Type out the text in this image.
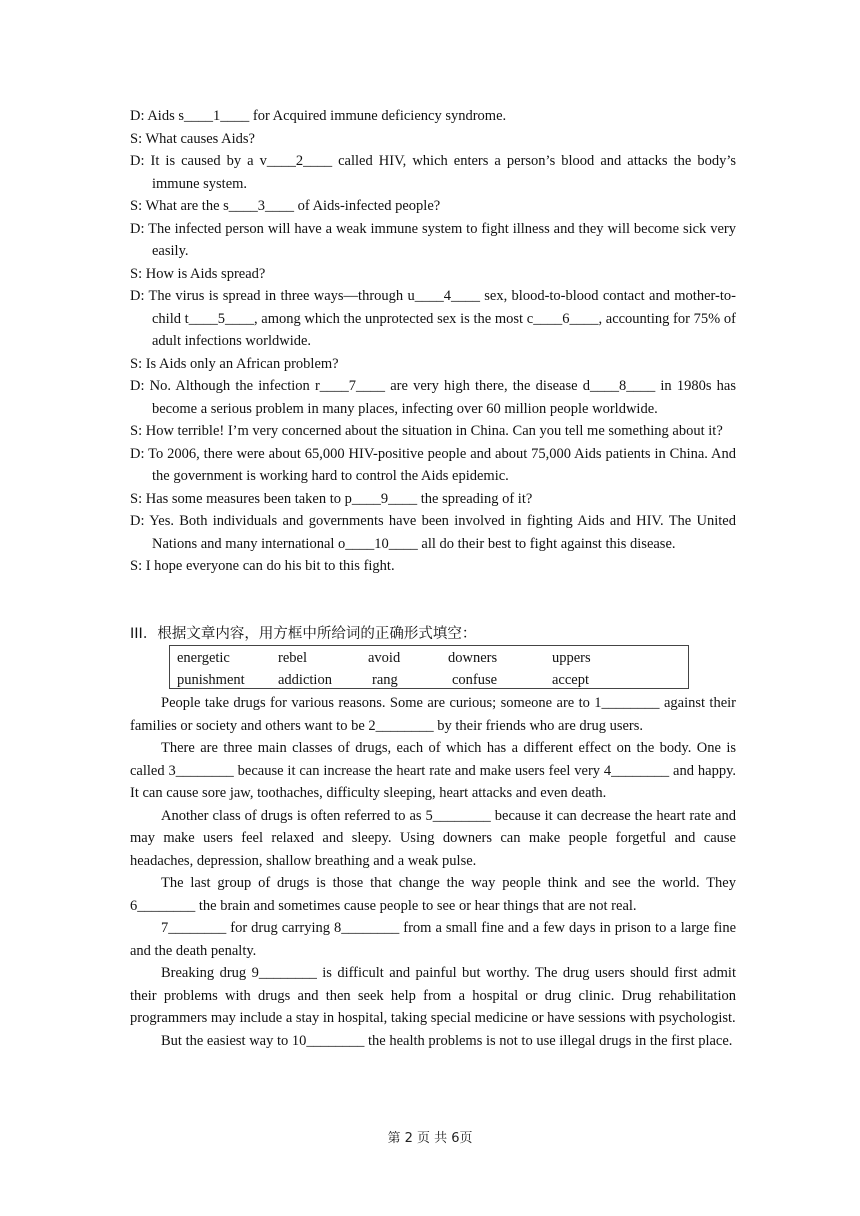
D: Aids s____1____ for Acquired immune deficiency syndrome.

S: What causes Aids?

D: It is caused by a v____2____ called HIV, which enters a person’s blood and attacks the body’s immune system.

S: What are the s____3____ of Aids-infected people?

D: The infected person will have a weak immune system to fight illness and they will become sick very easily.

S: How is Aids spread?

D: The virus is spread in three ways—through u____4____ sex, blood-to-blood contact and mother-to-child t____5____, among which the unprotected sex is the most c____6____, accounting for 75% of adult infections worldwide.

S: Is Aids only an African problem?

D: No. Although the infection r____7____ are very high there, the disease d____8____ in 1980s has become a serious problem in many places, infecting over 60 million people worldwide.

S: How terrible! I’m very concerned about the situation in China. Can you tell me something about it?

D: To 2006, there were about 65,000 HIV-positive people and about 75,000 Aids patients in China. And the government is working hard to control the Aids epidemic.

S: Has some measures been taken to p____9____ the spreading of it?

D: Yes. Both individuals and governments have been involved in fighting Aids and HIV. The United Nations and many international o____10____ all do their best to fight against this disease.

S: I hope everyone can do his bit to this fight.

III．根据文章内容，用方框中所给词的正确形式填空：
energetic	rebel	avoid	downers	uppers
punishment addiction	rang	confuse	accept

People take drugs for various reasons. Some are curious; someone are to 1________ against their families or society and others want to be 2________ by their friends who are drug users.

There are three main classes of drugs, each of which has a different effect on the body. One is called 3________ because it can increase the heart rate and make users feel very 4________ and happy. It can cause sore jaw, toothaches, difficulty sleeping, heart attacks and even death.

Another class of drugs is often referred to as 5________ because it can decrease the heart rate and may make users feel relaxed and sleepy. Using downers can make people forgetful and cause headaches, depression, shallow breathing and a weak pulse.

The last group of drugs is those that change the way people think and see the world. They 6________ the brain and sometimes cause people to see or hear things that are not real.

7________ for drug carrying 8________ from a small fine and a few days in prison to a large fine and the death penalty.

Breaking drug 9________ is difficult and painful but worthy. The drug users should first admit their problems with drugs and then seek help from a hospital or drug clinic. Drug rehabilitation programmers may include a stay in hospital, taking special medicine or have sessions with psychologist.

But the easiest way to 10________ the health problems is not to use illegal drugs in the first place.

第 2 页 共 6页
